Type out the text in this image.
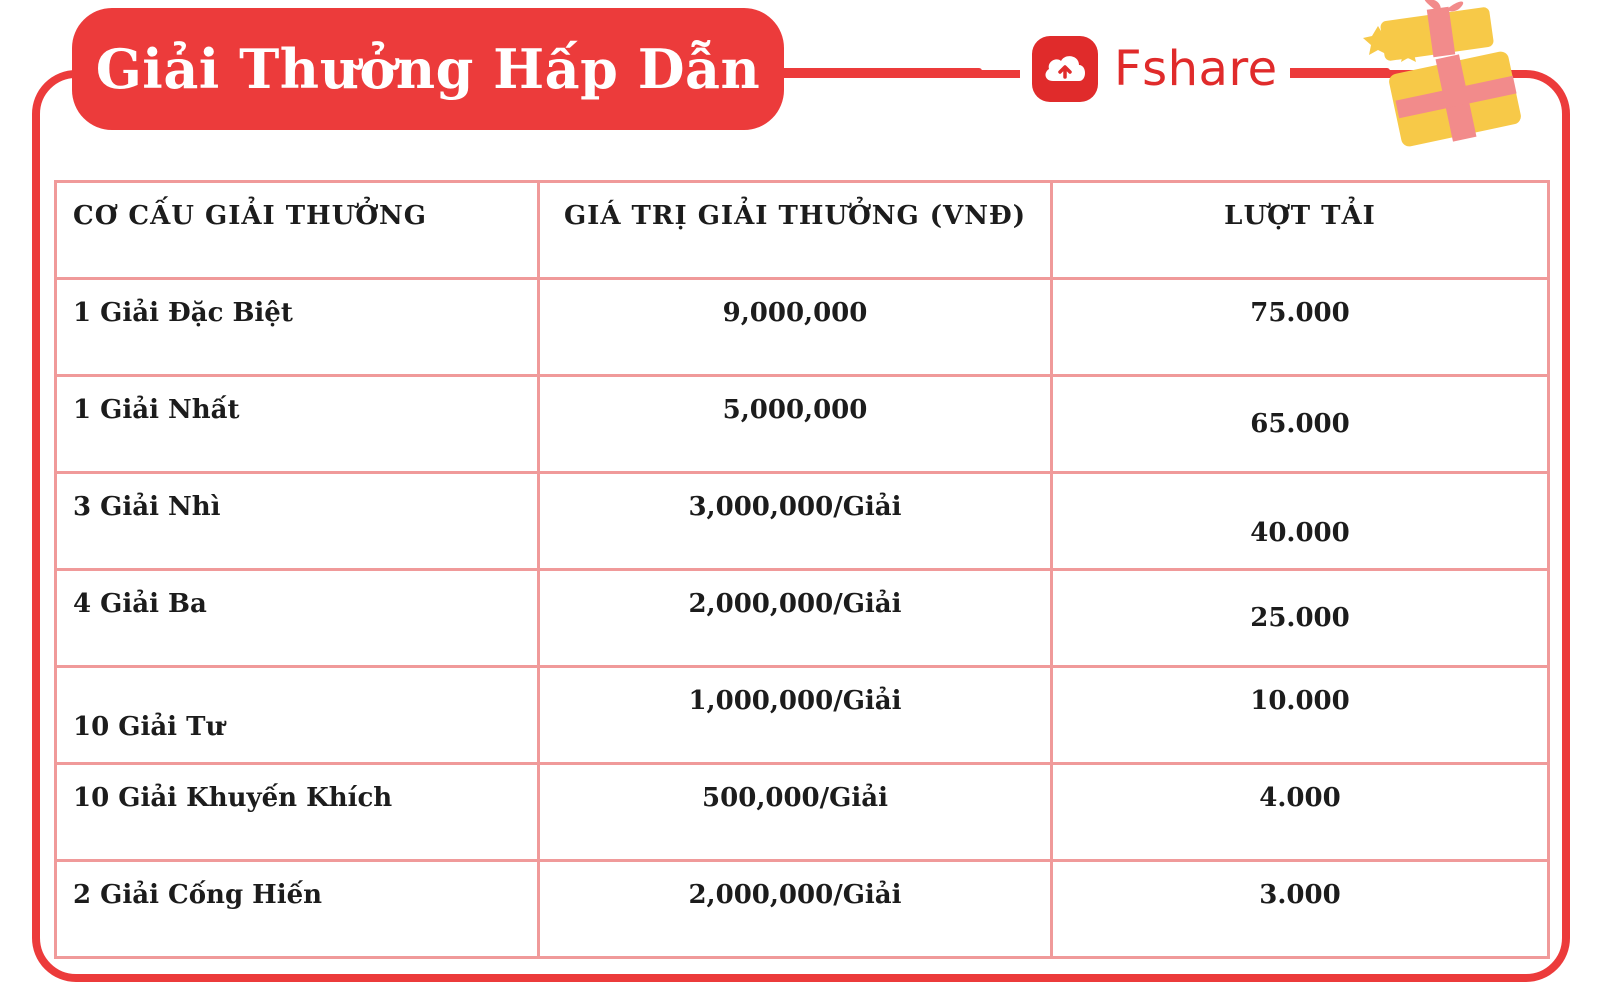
Giải Thưởng Hấp Dẫn	Fshare
CƠ CẤU GIẢI THƯỞNG	GIÁ TRỊ GIẢI THƯỞNG (VNĐ)	LƯỢT TẢI

1 Giải Đặc Biệt	9,000,000	75.000

1 Giải Nhất	5,000,000	65.000

3 Giải Nhì	3,000,000/Giải	40.000

4 Giải Ba	2,000,000/Giải	25.000

10 Giải Tư	1,000,000/Giải	10.000

10 Giải Khuyến Khích	500,000/Giải	4.000

2 Giải Cống Hiến	2,000,000/Giải	3.000
